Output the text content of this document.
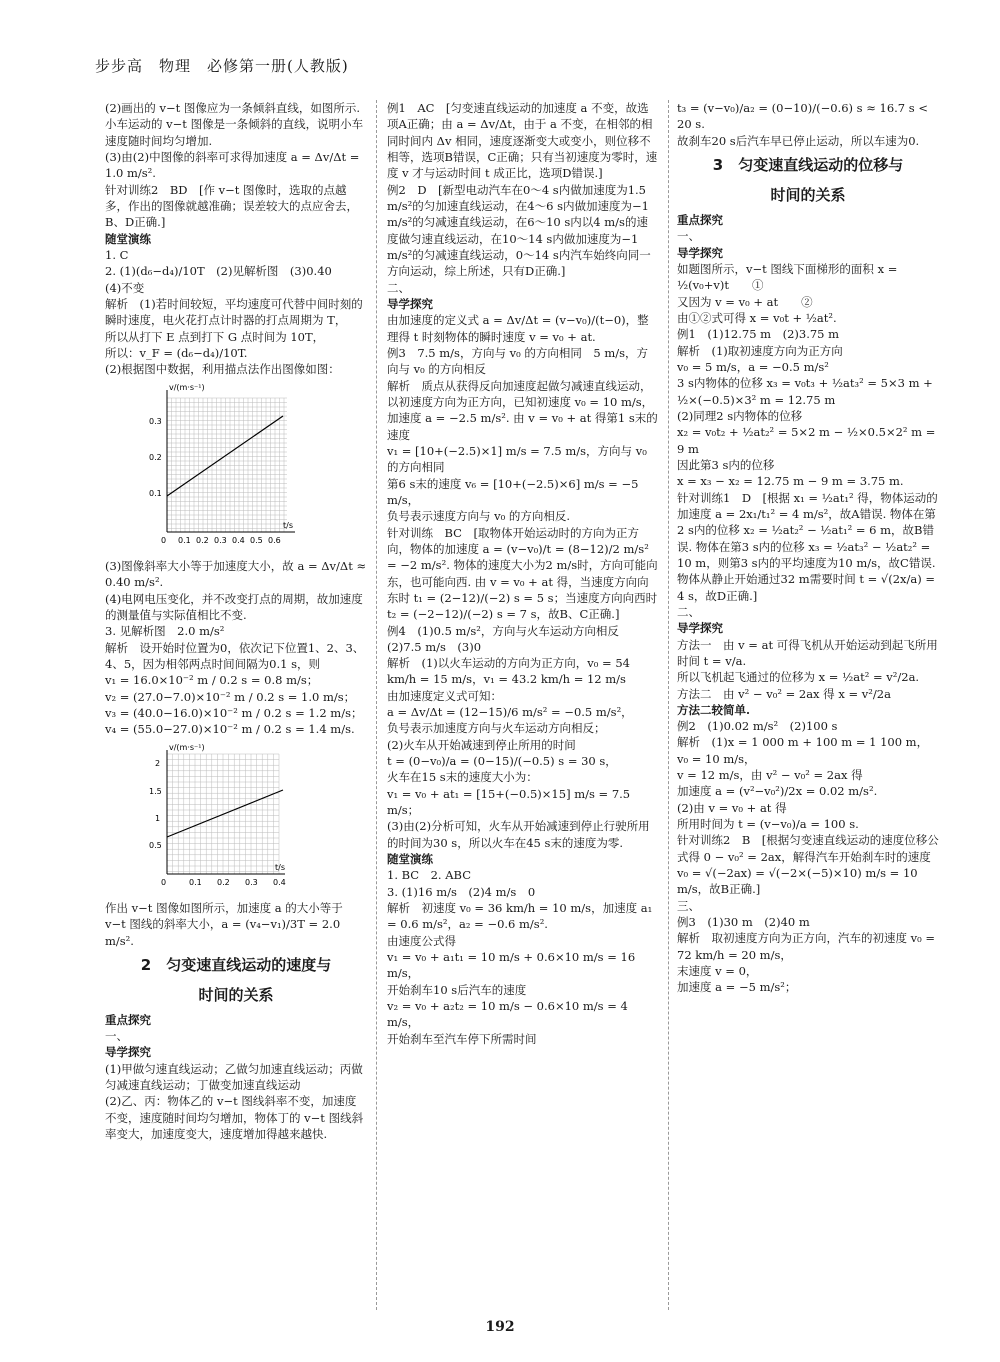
步步高　物理　必修第一册(人教版)

(2)画出的 v−t 图像应为一条倾斜直线，如图所示. 小车运动的 v−t 图像是一条倾斜的直线，说明小车速度随时间均匀增加.

(3)由(2)中图像的斜率可求得加速度 a = Δv/Δt = 1.0 m/s².

针对训练2　BD　[作 v−t 图像时，选取的点越多，作出的图像就越准确；误差较大的点应舍去，B、D正确.]

随堂演练

1. C

2. (1)(d₆−d₄)/10T　(2)见解析图　(3)0.40

(4)不变

解析　(1)若时间较短，平均速度可代替中间时刻的瞬时速度，电火花打点计时器的打点周期为 T，

所以从打下 E 点到打下 G 点时间为 10T，

所以：v_F = (d₆−d₄)/10T.

(2)根据图中数据，利用描点法作出图像如图：

v/(m·s⁻¹)
t/s
0.3
0.2
0.1
0 0.1 0.2 0.3 0.4 0.5 0.6

(3)图像斜率大小等于加速度大小，故 a = Δv/Δt ≈ 0.40 m/s².

(4)电网电压变化，并不改变打点的周期，故加速度的测量值与实际值相比不变.

3. 见解析图　2.0 m/s²

解析　设开始时位置为0，依次记下位置1、2、3、4、5，因为相邻两点时间间隔为0.1 s，则

v₁ = 16.0×10⁻² m / 0.2 s = 0.8 m/s；

v₂ = (27.0−7.0)×10⁻² m / 0.2 s = 1.0 m/s；

v₃ = (40.0−16.0)×10⁻² m / 0.2 s = 1.2 m/s；

v₄ = (55.0−27.0)×10⁻² m / 0.2 s = 1.4 m/s.

v/(m·s⁻¹)
t/s
2
1.5
1
0.5
0	0.1 0.2 0.3 0.4

作出 v−t 图像如图所示，加速度 a 的大小等于 v−t 图线的斜率大小，a = (v₄−v₁)/3T = 2.0 m/s².

2　匀变速直线运动的速度与
时间的关系

重点探究

一、

导学探究

(1)甲做匀速直线运动；乙做匀加速直线运动；丙做匀减速直线运动；丁做变加速直线运动

(2)乙、丙：物体乙的 v−t 图线斜率不变，加速度不变，速度随时间均匀增加，物体丁的 v−t 图线斜率变大，加速度变大，速度增加得越来越快.

例1　AC　[匀变速直线运动的加速度 a 不变，故选项A正确；由 a = Δv/Δt，由于 a 不变，在相邻的相同时间内 Δv 相同，速度逐渐变大或变小，则位移不相等，选项B错误，C正确；只有当初速度为零时，速度 v 才与运动时间 t 成正比，选项D错误.]

例2　D　[新型电动汽车在0～4 s内做加速度为1.5 m/s²的匀加速直线运动，在4～6 s内做加速度为−1 m/s²的匀减速直线运动，在6～10 s内以4 m/s的速度做匀速直线运动，在10～14 s内做加速度为−1 m/s²的匀减速直线运动，0～14 s内汽车始终向同一方向运动，综上所述，只有D正确.]

二、

导学探究

由加速度的定义式 a = Δv/Δt = (v−v₀)/(t−0)，整理得 t 时刻物体的瞬时速度 v = v₀ + at.

例3　7.5 m/s，方向与 v₀ 的方向相同　5 m/s，方向与 v₀ 的方向相反

解析　质点从获得反向加速度起做匀减速直线运动，以初速度方向为正方向，已知初速度 v₀ = 10 m/s，加速度 a = −2.5 m/s². 由 v = v₀ + at 得第1 s末的速度

v₁ = [10+(−2.5)×1] m/s = 7.5 m/s，方向与 v₀ 的方向相同

第6 s末的速度 v₆ = [10+(−2.5)×6] m/s = −5 m/s，

负号表示速度方向与 v₀ 的方向相反.

针对训练　BC　[取物体开始运动时的方向为正方向，物体的加速度 a = (v−v₀)/t = (8−12)/2 m/s² = −2 m/s². 物体的速度大小为2 m/s时，方向可能向东，也可能向西. 由 v = v₀ + at 得，当速度方向向东时 t₁ = (2−12)/(−2) s = 5 s；当速度方向向西时 t₂ = (−2−12)/(−2) s = 7 s，故B、C正确.]

例4　(1)0.5 m/s²，方向与火车运动方向相反　(2)7.5 m/s　(3)0

解析　(1)以火车运动的方向为正方向，v₀ = 54 km/h = 15 m/s，v₁ = 43.2 km/h = 12 m/s

由加速度定义式可知：

a = Δv/Δt = (12−15)/6 m/s² = −0.5 m/s²，

负号表示加速度方向与火车运动方向相反；

(2)火车从开始减速到停止所用的时间

t = (0−v₀)/a = (0−15)/(−0.5) s = 30 s，

火车在15 s末的速度大小为：

v₁ = v₀ + at₁ = [15+(−0.5)×15] m/s = 7.5 m/s；

(3)由(2)分析可知，火车从开始减速到停止行驶所用的时间为30 s，所以火车在45 s末的速度为零.

随堂演练

1. BC　2. ABC

3. (1)16 m/s　(2)4 m/s　0

解析　初速度 v₀ = 36 km/h = 10 m/s，加速度 a₁ = 0.6 m/s²，a₂ = −0.6 m/s².

由速度公式得

v₁ = v₀ + a₁t₁ = 10 m/s + 0.6×10 m/s = 16 m/s，

开始刹车10 s后汽车的速度

v₂ = v₀ + a₂t₂ = 10 m/s − 0.6×10 m/s = 4 m/s，

开始刹车至汽车停下所需时间

t₃ = (v−v₀)/a₂ = (0−10)/(−0.6) s ≈ 16.7 s < 20 s.

故刹车20 s后汽车早已停止运动，所以车速为0.

3　匀变速直线运动的位移与
时间的关系

重点探究

一、

导学探究

如题图所示，v−t 图线下面梯形的面积 x = ½(v₀+v)t　　①

又因为 v = v₀ + at　　②

由①②式可得 x = v₀t + ½at².

例1　(1)12.75 m　(2)3.75 m

解析　(1)取初速度方向为正方向

v₀ = 5 m/s，a = −0.5 m/s²

3 s内物体的位移 x₃ = v₀t₃ + ½at₃² = 5×3 m + ½×(−0.5)×3² m = 12.75 m

(2)同理2 s内物体的位移

x₂ = v₀t₂ + ½at₂² = 5×2 m − ½×0.5×2² m = 9 m

因此第3 s内的位移

x = x₃ − x₂ = 12.75 m − 9 m = 3.75 m.

针对训练1　D　[根据 x₁ = ½at₁² 得，物体运动的加速度 a = 2x₁/t₁² = 4 m/s²，故A错误. 物体在第2 s内的位移 x₂ = ½at₂² − ½at₁² = 6 m，故B错误. 物体在第3 s内的位移 x₃ = ½at₃² − ½at₂² = 10 m，则第3 s内的平均速度为10 m/s，故C错误. 物体从静止开始通过32 m需要时间 t = √(2x/a) = 4 s，故D正确.]

二、

导学探究

方法一　由 v = at 可得飞机从开始运动到起飞所用时间 t = v/a.

所以飞机起飞通过的位移为 x = ½at² = v²/2a.

方法二　由 v² − v₀² = 2ax 得 x = v²/2a

方法二较简单.

例2　(1)0.02 m/s²　(2)100 s

解析　(1)x = 1 000 m + 100 m = 1 100 m，v₀ = 10 m/s，

v = 12 m/s，由 v² − v₀² = 2ax 得

加速度 a = (v²−v₀²)/2x = 0.02 m/s².

(2)由 v = v₀ + at 得

所用时间为 t = (v−v₀)/a = 100 s.

针对训练2　B　[根据匀变速直线运动的速度位移公式得 0 − v₀² = 2ax，解得汽车开始刹车时的速度 v₀ = √(−2ax) = √(−2×(−5)×10) m/s = 10 m/s，故B正确.]

三、

例3　(1)30 m　(2)40 m

解析　取初速度方向为正方向，汽车的初速度 v₀ = 72 km/h = 20 m/s，

末速度 v = 0，

加速度 a = −5 m/s²；

192
